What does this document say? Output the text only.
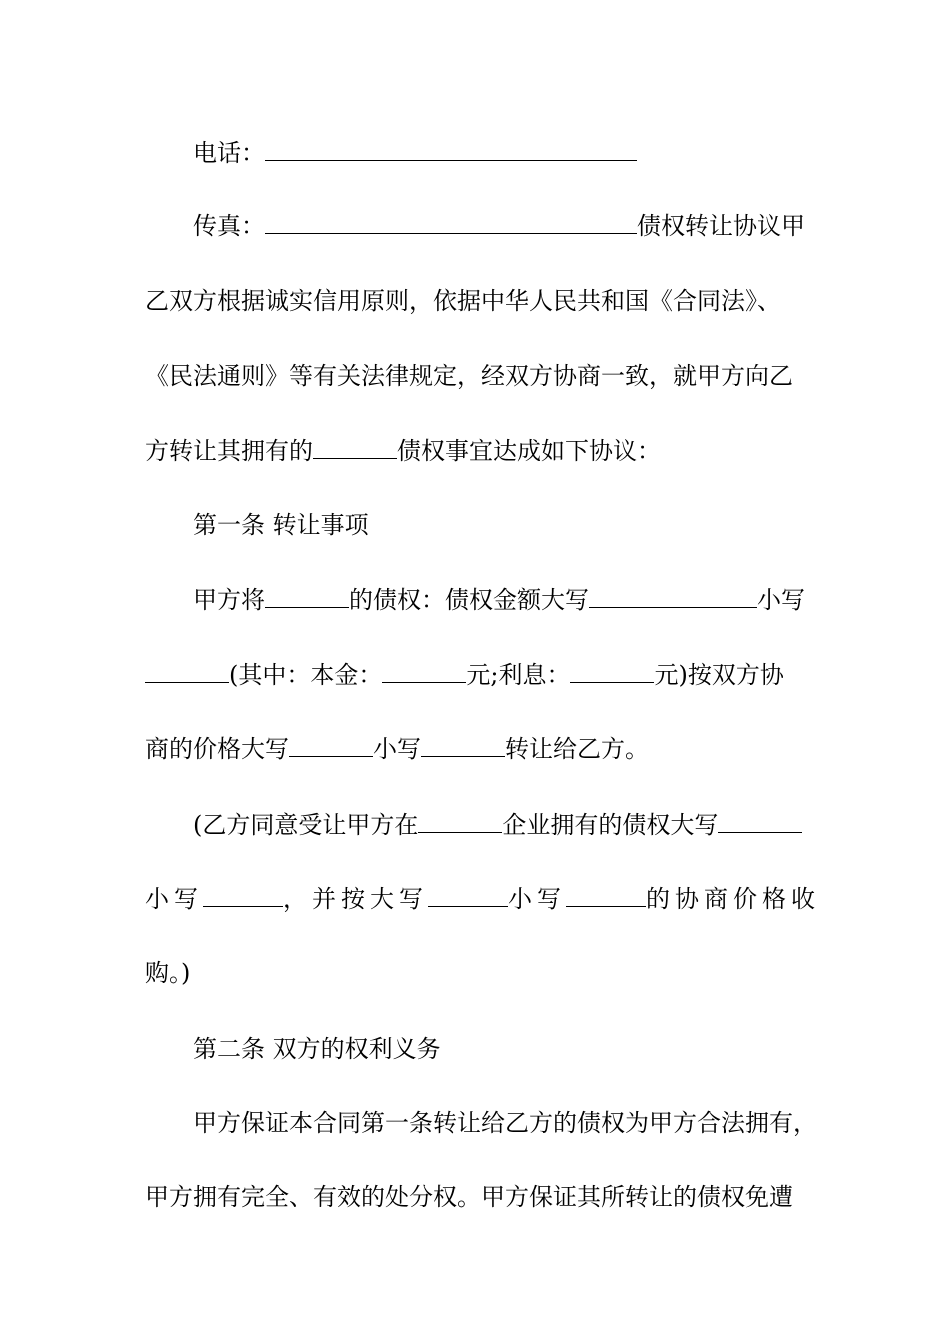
电话：
传真：	债权转让协议甲
乙双方根据诚实信用原则，依据中华人民共和国《合同法》、
《民法通则》等有关法律规定，经双方协商一致，就甲方向乙
方转让其拥有的	债权事宜达成如下协议：
第一条 转让事项
甲方将	的债权：债权金额大写	小写
(其中：本金：	元;利息：	元)按双方协
商的价格大写	小写	转让给乙方。
(乙方同意受让甲方在	企业拥有的债权大写
小写	，并按大写	小写	的协商价格收
购。)
第二条 双方的权利义务
甲方保证本合同第一条转让给乙方的债权为甲方合法拥有，
甲方拥有完全、有效的处分权。甲方保证其所转让的债权免遭
